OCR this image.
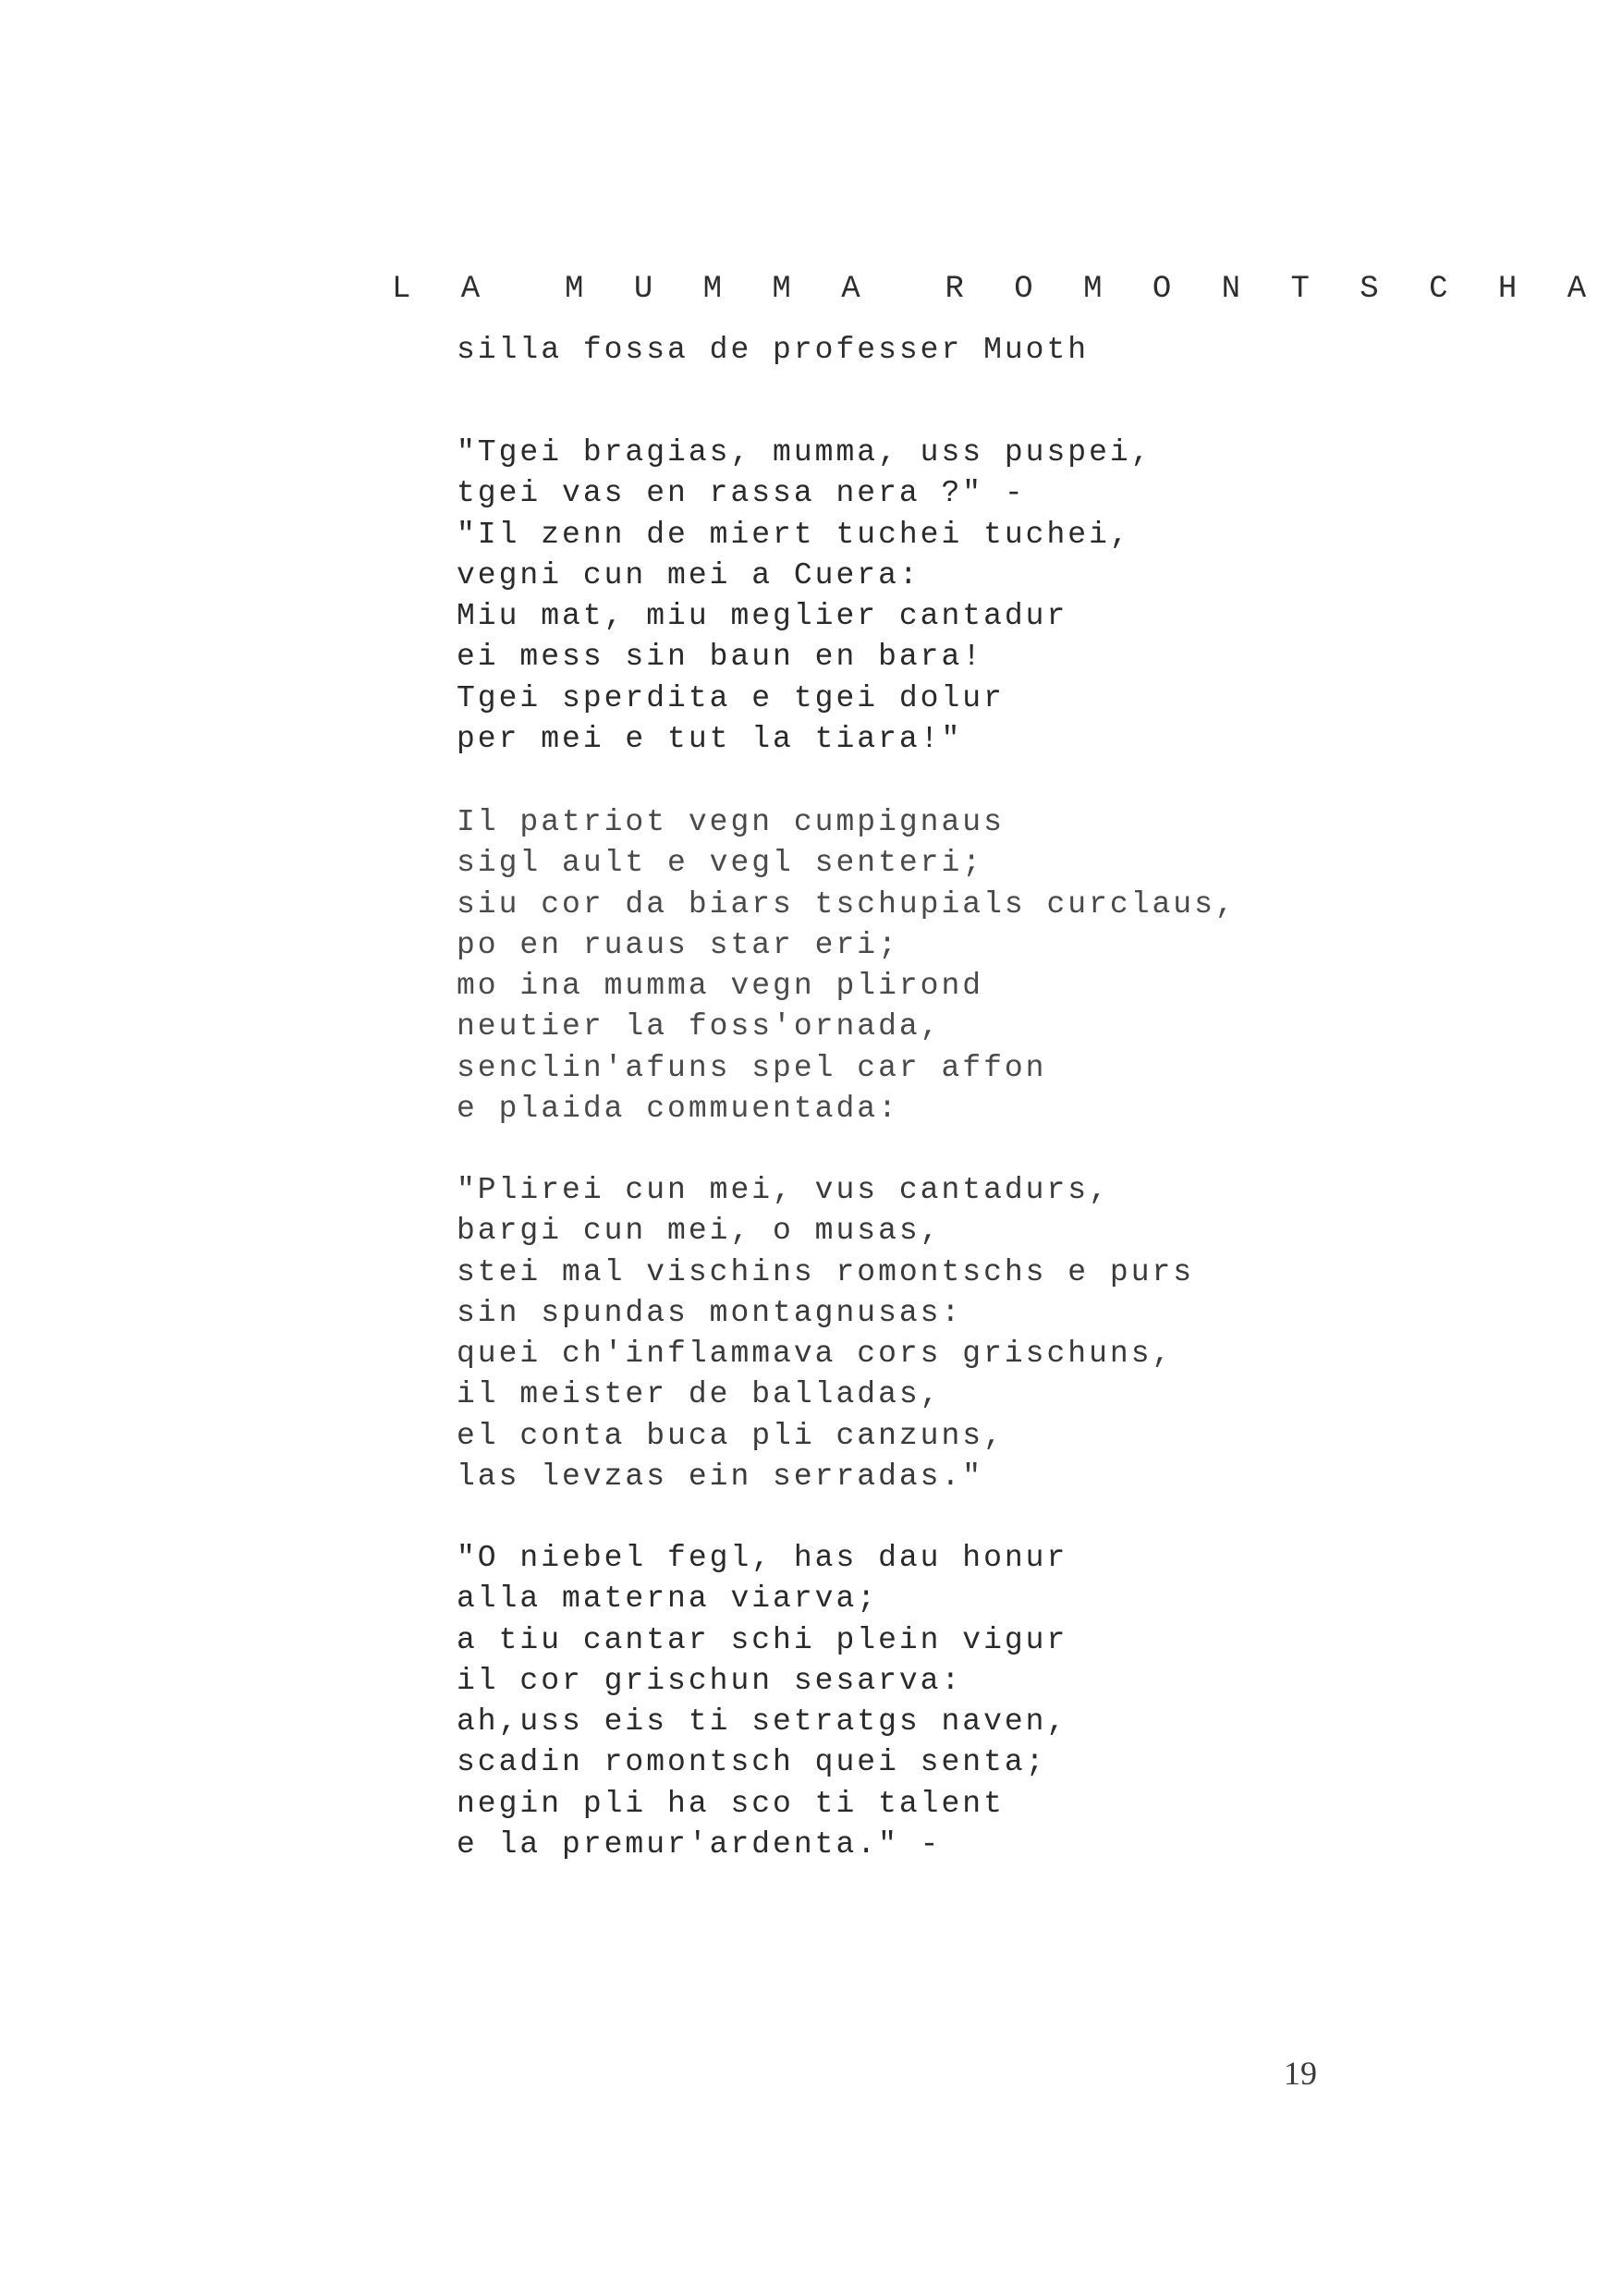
L A  M U M M A  R O M O N T S C H A
silla fossa de professer Muoth
"Tgei bragias, mumma, uss puspei,
tgei vas en rassa nera ?" -
"Il zenn de miert tuchei tuchei,
vegni cun mei a Cuera:
Miu mat, miu meglier cantadur
ei mess sin baun en bara!
Tgei sperdita e tgei dolur
per mei e tut la tiara!"
Il patriot vegn cumpignaus
sigl ault e vegl senteri;
siu cor da biars tschupials curclaus,
po en ruaus star eri;
mo ina mumma vegn plirond
neutier la foss'ornada,
senclin'afuns spel car affon
e plaida commuentada:
"Plirei cun mei, vus cantadurs,
bargi cun mei, o musas,
stei mal vischins romontschs e purs
sin spundas montagnusas:
quei ch'inflammava cors grischuns,
il meister de balladas,
el conta buca pli canzuns,
las levzas ein serradas."
"O niebel fegl, has dau honur
alla materna viarva;
a tiu cantar schi plein vigur
il cor grischun sesarva:
ah,uss eis ti setratgs naven,
scadin romontsch quei senta;
negin pli ha sco ti talent
e la premur'ardenta." -
19
